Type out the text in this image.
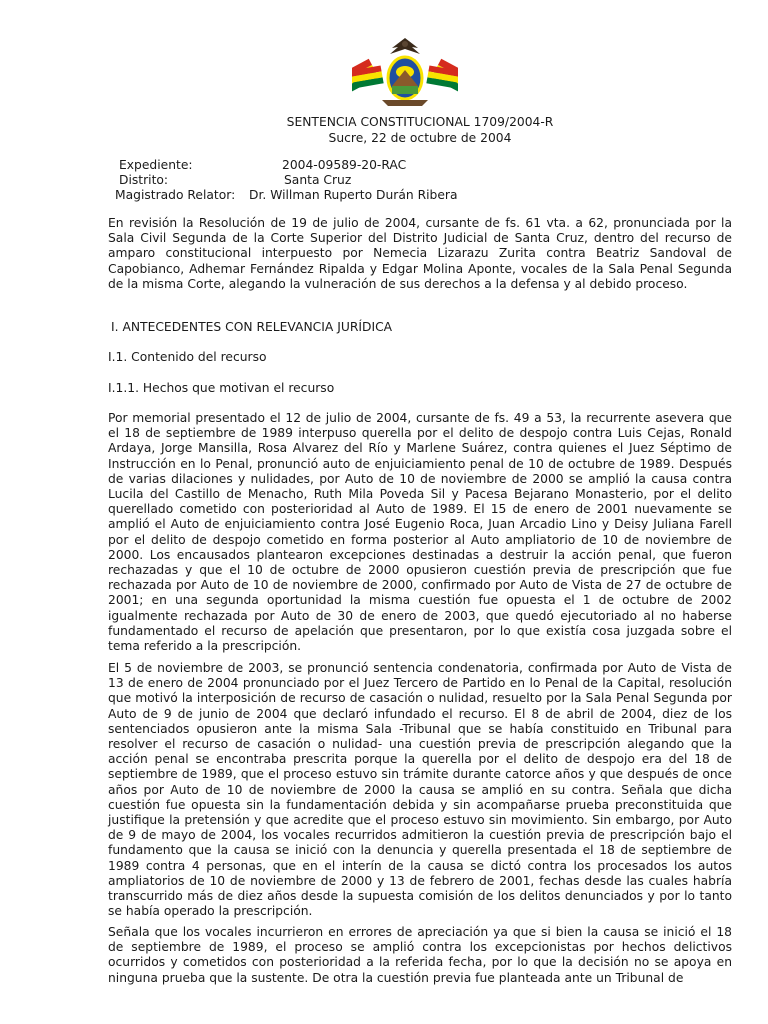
SENTENCIA CONSTITUCIONAL 1709/2004-R
Sucre, 22 de octubre de 2004
Expediente:	2004-09589-20-RAC
Distrito:	Santa Cruz
Magistrado Relator: Dr. Willman Ruperto Durán Ribera

En revisión la Resolución de 19 de julio de 2004, cursante de fs. 61 vta. a 62, pronunciada por la Sala Civil Segunda de la Corte Superior del Distrito Judicial de Santa Cruz, dentro del recurso de amparo constitucional interpuesto por Nemecia Lizarazu Zurita contra Beatriz Sandoval de Capobianco, Adhemar Fernández Ripalda y Edgar Molina Aponte, vocales de la Sala Penal Segunda de la misma Corte, alegando la vulneración de sus derechos a la defensa y al debido proceso.

I. ANTECEDENTES CON RELEVANCIA JURÍDICA

I.1. Contenido del recurso

I.1.1. Hechos que motivan el recurso

Por memorial presentado el 12 de julio de 2004, cursante de fs. 49 a 53, la recurrente asevera que el 18 de septiembre de 1989 interpuso querella por el delito de despojo contra Luis Cejas, Ronald Ardaya, Jorge Mansilla, Rosa Alvarez del Río y Marlene Suárez, contra quienes el Juez Séptimo de Instrucción en lo Penal, pronunció auto de enjuiciamiento penal de 10 de octubre de 1989. Después de varias dilaciones y nulidades, por Auto de 10 de noviembre de 2000 se amplió la causa contra Lucila del Castillo de Menacho, Ruth Mila Poveda Sil y Pacesa Bejarano Monasterio, por el delito querellado cometido con posterioridad al Auto de 1989. El 15 de enero de 2001 nuevamente se amplió el Auto de enjuiciamiento contra José Eugenio Roca, Juan Arcadio Lino y Deisy Juliana Farell por el delito de despojo cometido en forma posterior al Auto ampliatorio de 10 de noviembre de 2000. Los encausados plantearon excepciones destinadas a destruir la acción penal, que fueron rechazadas y que el 10 de octubre de 2000 opusieron cuestión previa de prescripción que fue rechazada por Auto de 10 de noviembre de 2000, confirmado por Auto de Vista de 27 de octubre de 2001; en una segunda oportunidad la misma cuestión fue opuesta el 1 de octubre de 2002 igualmente rechazada por Auto de 30 de enero de 2003, que quedó ejecutoriado al no haberse fundamentado el recurso de apelación que presentaron, por lo que existía cosa juzgada sobre el tema referido a la prescripción.

El 5 de noviembre de 2003, se pronunció sentencia condenatoria, confirmada por Auto de Vista de 13 de enero de 2004 pronunciado por el Juez Tercero de Partido en lo Penal de la Capital, resolución que motivó la interposición de recurso de casación o nulidad, resuelto por la Sala Penal Segunda por Auto de 9 de junio de 2004 que declaró infundado el recurso. El 8 de abril de 2004, diez de los sentenciados opusieron ante la misma Sala -Tribunal que se había constituido en Tribunal para resolver el recurso de casación o nulidad- una cuestión previa de prescripción alegando que la acción penal se encontraba prescrita porque la querella por el delito de despojo era del 18 de septiembre de 1989, que el proceso estuvo sin trámite durante catorce años y que después de once años por Auto de 10 de noviembre de 2000 la causa se amplió en su contra. Señala que dicha cuestión fue opuesta sin la fundamentación debida y sin acompañarse prueba preconstituida que justifique la pretensión y que acredite que el proceso estuvo sin movimiento. Sin embargo, por Auto de 9 de mayo de 2004, los vocales recurridos admitieron la cuestión previa de prescripción bajo el fundamento que la causa se inició con la denuncia y querella presentada el 18 de septiembre de 1989 contra 4 personas, que en el interín de la causa se dictó contra los procesados los autos ampliatorios de 10 de noviembre de 2000 y 13 de febrero de 2001, fechas desde las cuales habría transcurrido más de diez años desde la supuesta comisión de los delitos denunciados y por lo tanto se había operado la prescripción.

Señala que los vocales incurrieron en errores de apreciación ya que si bien la causa se inició el 18 de septiembre de 1989, el proceso se amplió contra los excepcionistas por hechos delictivos ocurridos y cometidos con posterioridad a la referida fecha, por lo que la decisión no se apoya en ninguna prueba que la sustente. De otra la cuestión previa fue planteada ante un Tribunal de
